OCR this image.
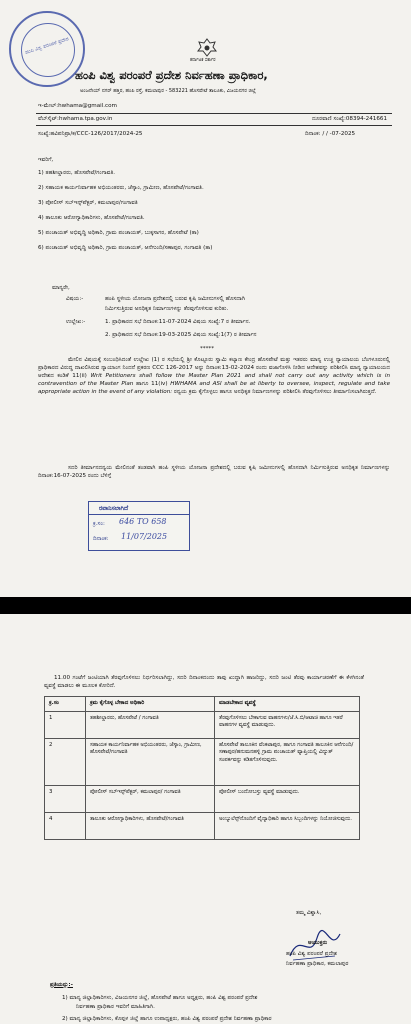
ಹಂಪಿ ವಿಶ್ವ ಪರಂಪರೆ ಪ್ರದೇಶ
ಕರ್ನಾಟಕ ಸರ್ಕಾರ
ಹಂಪಿ ವಿಶ್ವ ಪರಂಪರೆ ಪ್ರದೇಶ ನಿರ್ವಹಣಾ ಪ್ರಾಧಿಕಾರ,
ಅಂಜನೇಯ್ ನಗರ್ ಹತ್ತಿರ, ಹಂಪಿ ರಸ್ತೆ, ಕಮಲಾಪುರ - 583221 ಹೊಸಪೇಟೆ ತಾಲೂಕು, ವಿಜಯನಗರ ಜಿಲ್ಲೆ
ಇ-ಮೇಲ್:hwhama@gmail.com
ವೆಬ್‌ಸೈಟ್:hwhama.tpa.gov.in	ದೂರವಾಣಿ ಸಂಖ್ಯೆ:08394-241661
ಸಂಖ್ಯೆ:ಹವಿಪನಿಪ್ರಾ/ಕ/CCC-126/2017/2024-25	ದಿನಾಂಕ: / / -07-2025
ಇವರಿಗೆ,
1) ತಹಶೀಲ್ದಾರರು, ಹೊಸಪೇಟೆ/ಗಂಗಾವತಿ.
2) ಸಹಾಯಕ ಕಾರ್ಯನಿರ್ವಾಹಕ ಅಭಿಯಂತರರು, ಜೆಸ್ಕಾಂ, ಗ್ರಾಮೀಣ, ಹೊಸಪೇಟೆ/ಗಂಗಾವತಿ.
3) ಪೋಲೀಸ್ ಸಬ್‌ಇನ್ಸ್‌ಪೆಕ್ಟರ್, ಕಮಲಾಪುರ/ಗಂಗಾವತಿ
4) ತಾಲೂಕು ಆರೋಗ್ಯಾಧಿಕಾರಿಗಳು, ಹೊಸಪೇಟೆ/ಗಂಗಾವತಿ.
5) ಪಂಚಾಯತ್ ಅಭಿವೃದ್ಧಿ ಅಧಿಕಾರಿ, ಗ್ರಾಮ ಪಂಚಾಯತ್, ಬುಕ್ಕಸಾಗರ, ಹೊಸಪೇಟೆ (ತಾ)
6) ಪಂಚಾಯತ್ ಅಭಿವೃದ್ಧಿ ಅಧಿಕಾರಿ, ಗ್ರಾಮ ಪಂಚಾಯತ್, ಆನೆಗುಂದಿ/ಸಣಾಪುರ, ಗಂಗಾವತಿ (ತಾ)
ಮಾನ್ಯರೇ,
ವಿಷಯ:-	ಹಂಪಿ ಸ್ಥಳೀಯ ಯೋಜನಾ ಪ್ರದೇಶದಲ್ಲಿ ಬರುವ ಕೃಷಿ ಜಮೀನುಗಳಲ್ಲಿ ಹೊಸದಾಗಿ
ನಿರ್ಮಿಸುತ್ತಿರುವ ಅನಧಿಕೃತ ನಿರ್ಮಾಣಗಳನ್ನು ತೆರವುಗೊಳಿಸುವ ಕುರಿತು.
ಉಲ್ಲೇಖ:-	1. ಪ್ರಾಧಿಕಾರದ ಸಭೆ ದಿನಾಂಕ:11-07-2024 ವಿಷಯ ಸಂಖ್ಯೆ:7 ರ ತೀರ್ಮಾನ.
2. ಪ್ರಾಧಿಕಾರದ ಸಭೆ ದಿನಾಂಕ:19-03-2025 ವಿಷಯ ಸಂಖ್ಯೆ:1(7) ರ ತೀರ್ಮಾನ
*****
ಮೇಲಿನ ವಿಷಯಕ್ಕೆ ಸಂಬಂಧಿಸಿದಂತೆ ಉಲ್ಲೇಖ (1) ರ ಸಭೆಯಲ್ಲಿ ಶ್ರೀ ಕೊಟ್ಟೂರು ಸ್ವಾಮಿ ಕಲ್ಯಾಣ ಕೇಂದ್ರ ಹೊಸಪೇಟೆ ಮತ್ತು ಇತರರು ಮಾನ್ಯ ಉಚ್ಚ ನ್ಯಾಯಾಲಯ ಬೆಂಗಳೂರುನಲ್ಲಿ ಪ್ರಾಧಿಕಾರದ ವಿರುದ್ಧ ದಾಖಲಿಸಿರುವ ನ್ಯಾಯಾಂಗ ನಿಂದನೆ ಪ್ರಕರಣ CCC 126-2017 ಅನ್ನು ದಿನಾಂಕ:13-02-2024 ರಂದು ವಜಾಗೊಳಿಸಿ ನೀಡಿದ ಆದೇಶವನ್ನು ಪರಿಶೀಲಿಸಿ ಮಾನ್ಯ ನ್ಯಾಯಾಲಯದ ಆದೇಶದ ಕಂಡಿಕೆ 11(ii) Writ Petitioners shall follow the Master Plan 2021 and shall not carry out any activity which is in contravention of the Master Plan ಹಾಗೂ 11(iv) HWHAMA and ASI shall be at liberty to oversee, inspect, regulate and take appropriate action in the event of any violation: ರನ್ವಯ ಕ್ರಮ ಕೈಗೊಳ್ಳಲು ಹಾಗೂ ಅನಧಿಕೃತ ನಿರ್ಮಾಣಗಳನ್ನು ಪರಿಶೀಲಿಸಿ ತೆರವುಗೊಳಿಸಲು ತೀರ್ಮಾನಿಸಲಾಗಿರುತ್ತದೆ.
ಸದರಿ ತೀರ್ಮಾನದನ್ವಯ ಮೇಲಿನಂತೆ ತಂಡವಾಗಿ ಹಂಪಿ ಸ್ಥಳೀಯ ಯೋಜನಾ ಪ್ರದೇಶದಲ್ಲಿ ಬರುವ ಕೃಷಿ ಜಮೀನುಗಳಲ್ಲಿ ಹೊಸದಾಗಿ ನಿರ್ಮಿಸುತ್ತಿರುವ ಅನಧಿಕೃತ ನಿರ್ಮಾಣಗಳನ್ನು ದಿನಾಂಕ:16-07-2025 ರಂದು ಬೆಳಿಗ್ಗೆ
ರವಾನಿಸಲಾಗಿದೆ
ಕ್ರ.ಸಂ: 646 TO 658
ದಿನಾಂಕ: 11/07/2025
11.00 ಗಂಟೆಗೆ ಜಂಟಿಯಾಗಿ ತೆರವುಗೊಳಿಸಲು ನಿರ್ಧರಿಸಲಾಗಿದ್ದು, ಸದರಿ ದಿನಾಂಕದಂದು ತಾವು ಖುದ್ದಾಗಿ ಹಾಜರಿದ್ದು, ಸದರಿ ಜಂಟಿ ತೆರವು ಕಾರ್ಯಾಚರಣೆಗೆ ಈ ಕೆಳಗಿನಂತೆ ವ್ಯವಸ್ಥೆ ಮಾಡಲು ಈ ಮೂಲಕ ಕೋರಿದೆ.
ಕ್ರ.ಸಂ	ಕ್ರಮ ಕೈಗೊಳ್ಳ ಬೇಕಾದ ಅಧಿಕಾರಿ	ಮಾಡಬೇಕಾದ ವ್ಯವಸ್ಥೆ
1	ತಹಶೀಲ್ದಾರರು, ಹೊಸಪೇಟೆ / ಗಂಗಾವತಿ	ತೆರವುಗೊಳಿಸಲು ಬೇಕಾಗುವ ವಾಹನಗಳು/ಜೆ.ಸಿ.ಬಿ/ಆಟಾಚಿ ಹಾಗೂ ಇತರೆ ವಾಹನಗಳ ವ್ಯವಸ್ಥೆ ಮಾಡುವುದು.
2	ಸಹಾಯಕ ಕಾರ್ಯನಿರ್ವಾಹಕ ಅಭಿಯಂತರರು, ಜೆಸ್ಕಾಂ, ಗ್ರಾಮೀಣ, ಹೊಸಪೇಟೆ/ಗಂಗಾವತಿ	ಹೊಸಪೇಟೆ ತಾಲೂಕಿನ ವೆಂಕಟಾಪುರ, ಹಾಗೂ ಗಂಗಾವತಿ ತಾಲೂಕಿನ ಆನೆಗುಂದಿ/ಸಣಾಪುರ/ಹನುಮನಹಳ್ಳಿ ಗ್ರಾಮ ಪಂಚಾಯತ್ ವ್ಯಾಪ್ತಿಯಲ್ಲಿ ವಿದ್ಯುತ್ ಸಂಪರ್ಕವನ್ನು ಕಡಿತಗೊಳಿಸುವುದು.
3	ಪೋಲೀಸ್ ಸಬ್‌ಇನ್ಸ್‌ಪೆಕ್ಟರ್, ಕಮಲಾಪುರ/ ಗಂಗಾವತಿ	ಪೋಲೀಸ್ ಬಂದೋಬಸ್ತು ವ್ಯವಸ್ಥೆ ಮಾಡುವುದು.
4	ತಾಲೂಕು ಆರೋಗ್ಯಾಧಿಕಾರಿಗಳು, ಹೊಸಪೇಟೆ/ಗಂಗಾವತಿ	ಅಂಬ್ಯುಲೆನ್ಸ್‌ನೊಂದಿಗೆ ವೈದ್ಯಾಧಿಕಾರಿ ಹಾಗೂ ಸಿಬ್ಬಂದಿಗಳನ್ನು ನಿಯೋಜಿಸುವುದು.
ತಮ್ಮ ವಿಶ್ವಾಸಿ,
ಆಯುಕ್ತರು
ಹಂಪಿ ವಿಶ್ವ ಪರಂಪರೆ ಪ್ರದೇಶ
ನಿರ್ವಹಣಾ ಪ್ರಾಧಿಕಾರ, ಕಮಲಾಪುರ
ಪ್ರತಿಯನ್ನು:-
1) ಮಾನ್ಯ ಜಿಲ್ಲಾಧಿಕಾರಿಗಳು, ವಿಜಯನಗರ ಜಿಲ್ಲೆ, ಹೊಸಪೇಟೆ ಹಾಗೂ ಅಧ್ಯಕ್ಷರು, ಹಂಪಿ ವಿಶ್ವ ಪರಂಪರೆ ಪ್ರದೇಶ
ನಿರ್ವಹಣಾ ಪ್ರಾಧಿಕಾರ ಇವರಿಗೆ ಮಾಹಿತಿಗಾಗಿ.
2) ಮಾನ್ಯ ಜಿಲ್ಲಾಧಿಕಾರಿಗಳು, ಕೊಪ್ಪಳ ಜಿಲ್ಲೆ ಹಾಗೂ ಉಪಾಧ್ಯಕ್ಷರು, ಹಂಪಿ ವಿಶ್ವ ಪರಂಪರೆ ಪ್ರದೇಶ ನಿರ್ವಹಣಾ ಪ್ರಾಧಿಕಾರ
